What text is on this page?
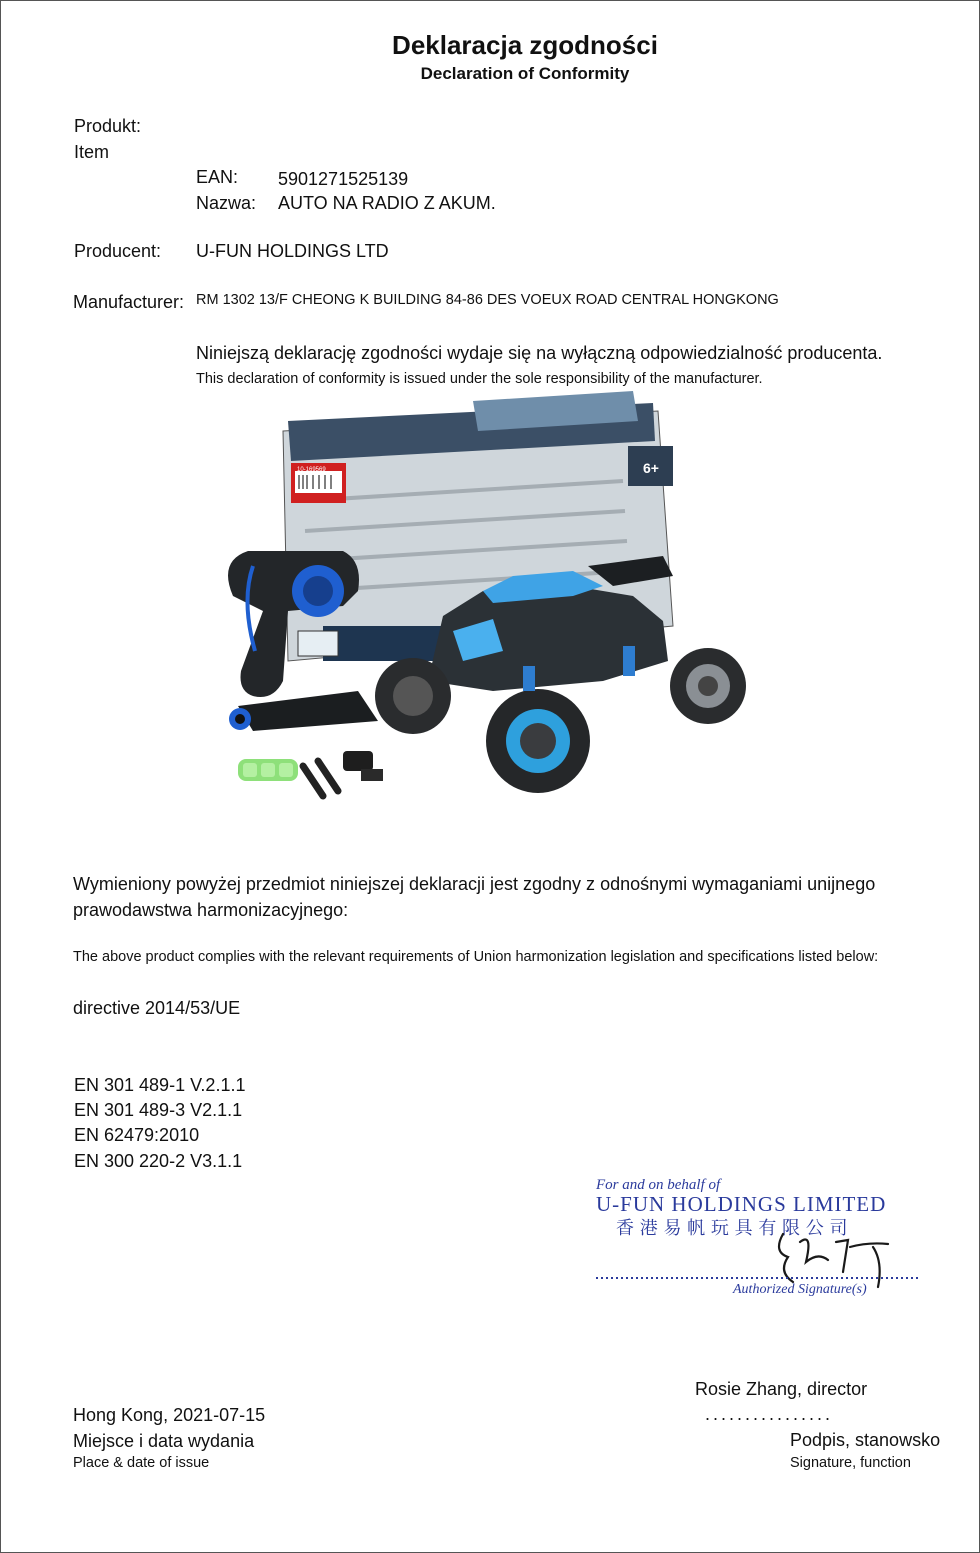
Deklaracja zgodności
Declaration of Conformity
Produkt:
Item
EAN: 5901271525139
Nazwa: AUTO NA RADIO Z AKUM.
Producent: U-FUN HOLDINGS LTD
Manufacturer: RM 1302 13/F CHEONG K BUILDING 84-86 DES VOEUX ROAD CENTRAL HONGKONG
Niniejszą deklarację zgodności wydaje się na wyłączną odpowiedzialność producenta.
This declaration of conformity is issued under the sole responsibility of the manufacturer.
10-169569	6+
Wymieniony powyżej przedmiot niniejszej deklaracji jest zgodny z odnośnymi wymaganiami unijnego
prawodawstwa harmonizacyjnego:
The above product complies with the relevant requirements of Union harmonization legislation and specifications listed below:
directive 2014/53/UE
EN 301 489-1 V.2.1.1
EN 301 489-3 V2.1.1
EN 62479:2010
EN 300 220-2 V3.1.1
For and on behalf of
U-FUN HOLDINGS LIMITED
香 港 易 帆 玩 具 有 限 公 司
Authorized Signature(s)
Rosie Zhang, director
................
Podpis, stanowsko
Signature, function
Hong Kong, 2021-07-15
Miejsce i data wydania
Place & date of issue
